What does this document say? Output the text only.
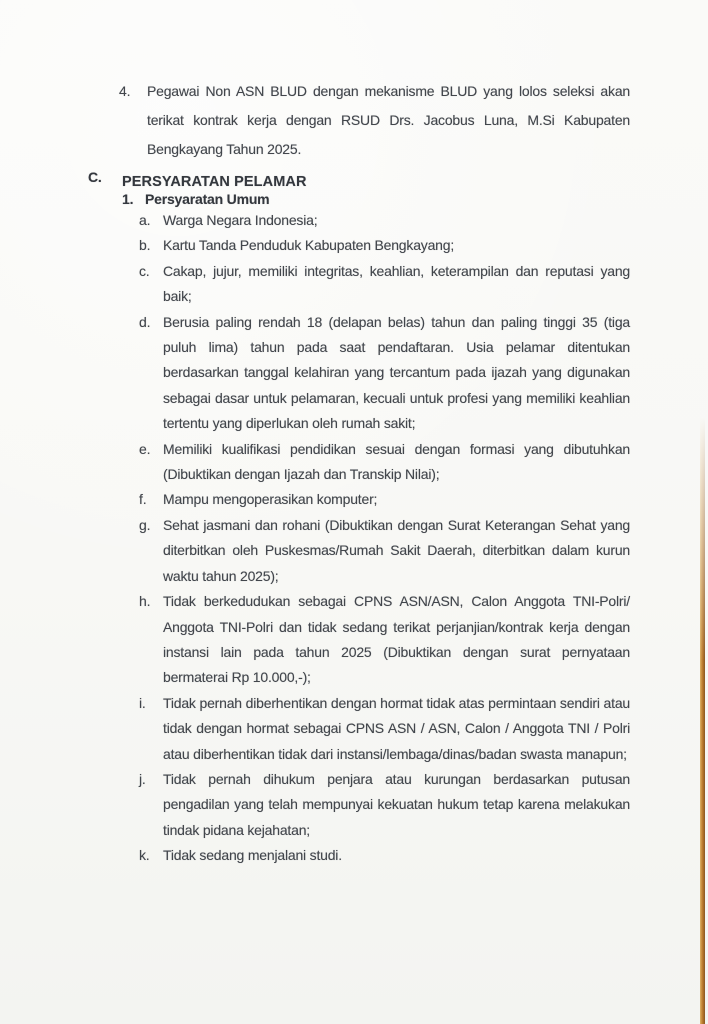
4.	Pegawai Non ASN BLUD dengan mekanisme BLUD yang lolos seleksi akan terikat kontrak kerja dengan RSUD Drs. Jacobus Luna, M.Si Kabupaten Bengkayang Tahun 2025.

C. PERSYARATAN PELAMAR
1. Persyaratan Umum
a. Warga Negara Indonesia;

b. Kartu Tanda Penduduk Kabupaten Bengkayang;

c. Cakap, jujur, memiliki integritas, keahlian, keterampilan dan reputasi yang baik;

d. Berusia paling rendah 18 (delapan belas) tahun dan paling tinggi 35 (tiga puluh lima) tahun pada saat pendaftaran. Usia pelamar ditentukan berdasarkan tanggal kelahiran yang tercantum pada ijazah yang digunakan sebagai dasar untuk pelamaran, kecuali untuk profesi yang memiliki keahlian tertentu yang diperlukan oleh rumah sakit;

e. Memiliki kualifikasi pendidikan sesuai dengan formasi yang dibutuhkan (Dibuktikan dengan Ijazah dan Transkip Nilai);

f.	Mampu mengoperasikan komputer;

g. Sehat jasmani dan rohani (Dibuktikan dengan Surat Keterangan Sehat yang diterbitkan oleh Puskesmas/Rumah Sakit Daerah, diterbitkan dalam kurun waktu tahun 2025);

h. Tidak berkedudukan sebagai CPNS ASN/ASN, Calon Anggota TNI-Polri/ Anggota TNI-Polri dan tidak sedang terikat perjanjian/kontrak kerja dengan instansi lain pada tahun 2025 (Dibuktikan dengan surat pernyataan bermaterai Rp 10.000,-);

i.	Tidak pernah diberhentikan dengan hormat tidak atas permintaan sendiri atau tidak dengan hormat sebagai CPNS ASN / ASN, Calon / Anggota TNI / Polri atau diberhentikan tidak dari instansi/lembaga/dinas/badan swasta manapun;

j.	Tidak pernah dihukum penjara atau kurungan berdasarkan putusan pengadilan yang telah mempunyai kekuatan hukum tetap karena melakukan tindak pidana kejahatan;

k. Tidak sedang menjalani studi.
